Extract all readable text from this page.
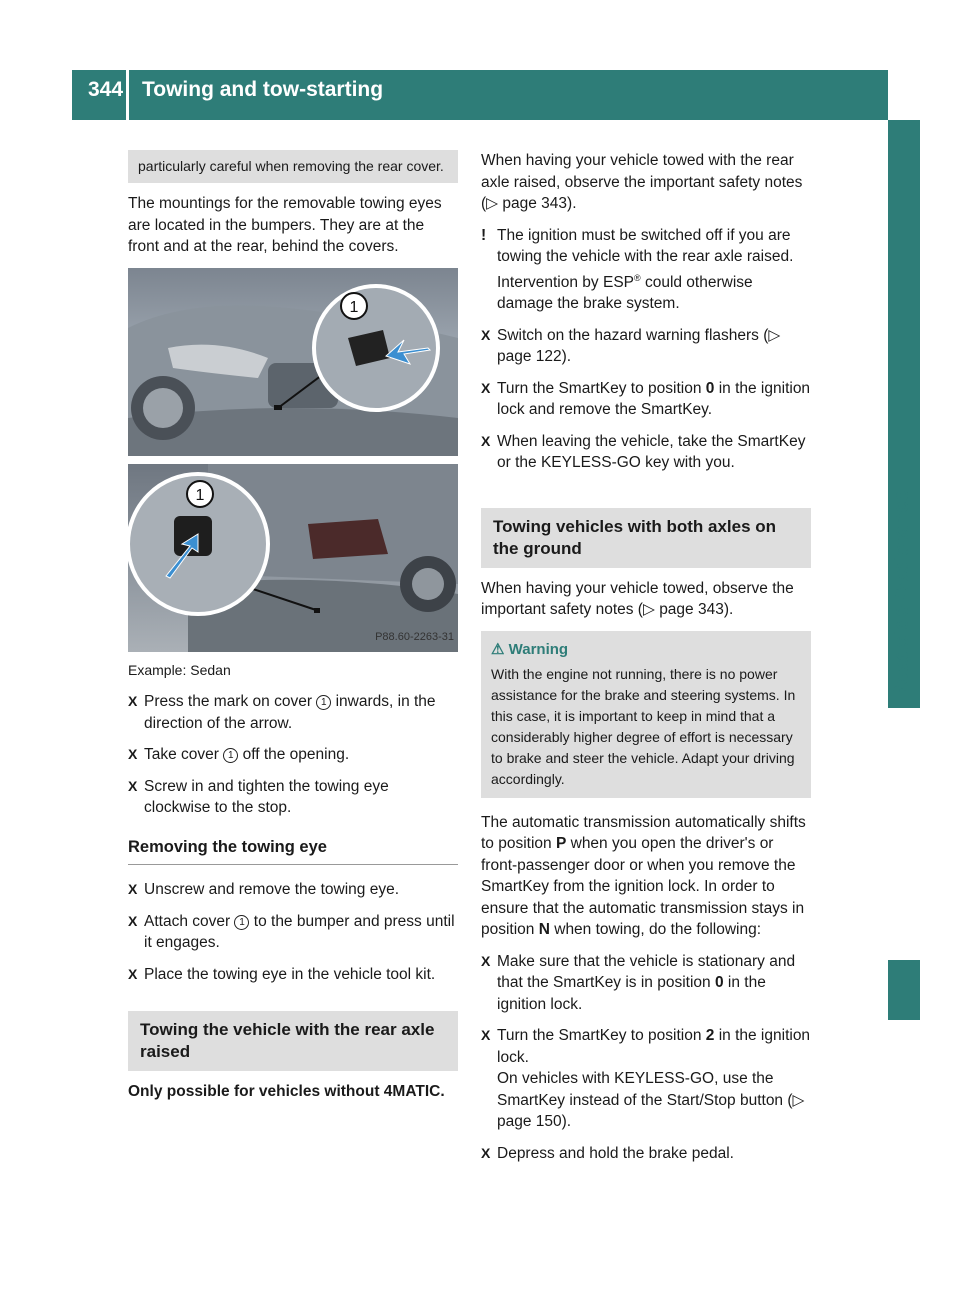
344 Towing and tow-starting
Roadside Assistance
particularly careful when removing the rear cover.

The mountings for the removable towing eyes are located in the bumpers. They are at the front and at the rear, behind the covers.

1
1
P88.60-2263-31

Example: Sedan

X Press the mark on cover 1 inwards, in the direction of the arrow.
X Take cover 1 off the opening.
X Screw in and tighten the towing eye clockwise to the stop.
Removing the towing eye
X Unscrew and remove the towing eye.
X Attach cover 1 to the bumper and press until it engages.
X Place the towing eye in the vehicle tool kit.
Towing the vehicle with the rear axle raised

Only possible for vehicles without 4MATIC.

When having your vehicle towed with the rear axle raised, observe the important safety notes (▷ page 343).

! The ignition must be switched off if you are towing the vehicle with the rear axle raised. Intervention by ESP® could otherwise damage the brake system.
X Switch on the hazard warning flashers (▷ page 122).
X Turn the SmartKey to position 0 in the ignition lock and remove the SmartKey.
X When leaving the vehicle, take the SmartKey or the KEYLESS-GO key with you.
Towing vehicles with both axles on the ground

When having your vehicle towed, observe the important safety notes (▷ page 343).

⚠ Warning
With the engine not running, there is no power assistance for the brake and steering systems. In this case, it is important to keep in mind that a considerably higher degree of effort is necessary to brake and steer the vehicle. Adapt your driving accordingly.

The automatic transmission automatically shifts to position P when you open the driver's or front-passenger door or when you remove the SmartKey from the ignition lock. In order to ensure that the automatic transmission stays in position N when towing, do the following:

X Make sure that the vehicle is stationary and that the SmartKey is in position 0 in the ignition lock.
X Turn the SmartKey to position 2 in the ignition lock.
On vehicles with KEYLESS-GO, use the SmartKey instead of the Start/Stop button (▷ page 150).
X Depress and hold the brake pedal.
